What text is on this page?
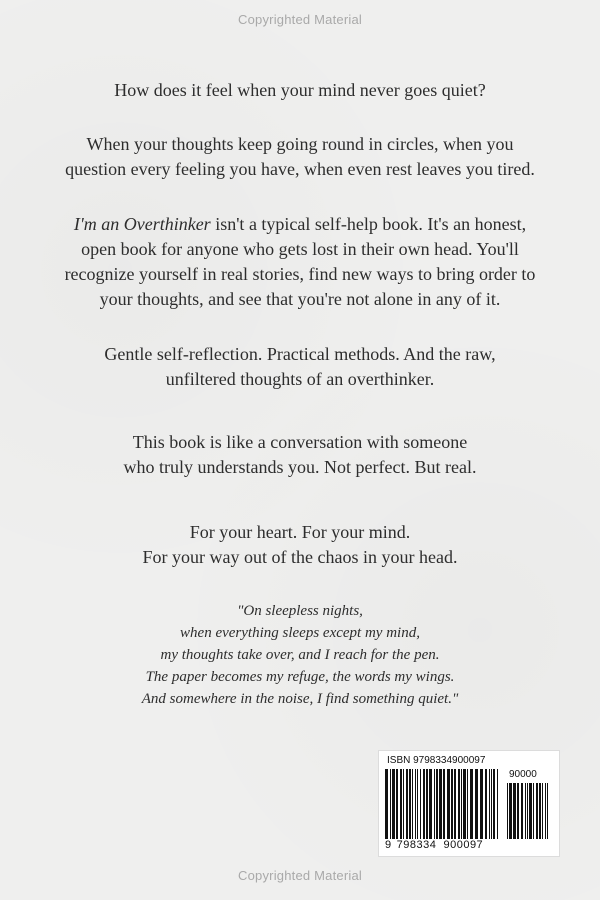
Copyrighted Material

How does it feel when your mind never goes quiet?

When your thoughts keep going round in circles, when you
question every feeling you have, when even rest leaves you tired.

I'm an Overthinker isn't a typical self-help book. It's an honest,
open book for anyone who gets lost in their own head. You'll
recognize yourself in real stories, find new ways to bring order to
your thoughts, and see that you're not alone in any of it.

Gentle self-reflection. Practical methods. And the raw,
unfiltered thoughts of an overthinker.

This book is like a conversation with someone
who truly understands you. Not perfect. But real.

For your heart. For your mind.
For your way out of the chaos in your head.

"On sleepless nights,
when everything sleeps except my mind,
my thoughts take over, and I reach for the pen.
The paper becomes my refuge, the words my wings.
And somewhere in the noise, I find something quiet."
ISBN 9798334900097
90000
9 798334 900097
Copyrighted Material
